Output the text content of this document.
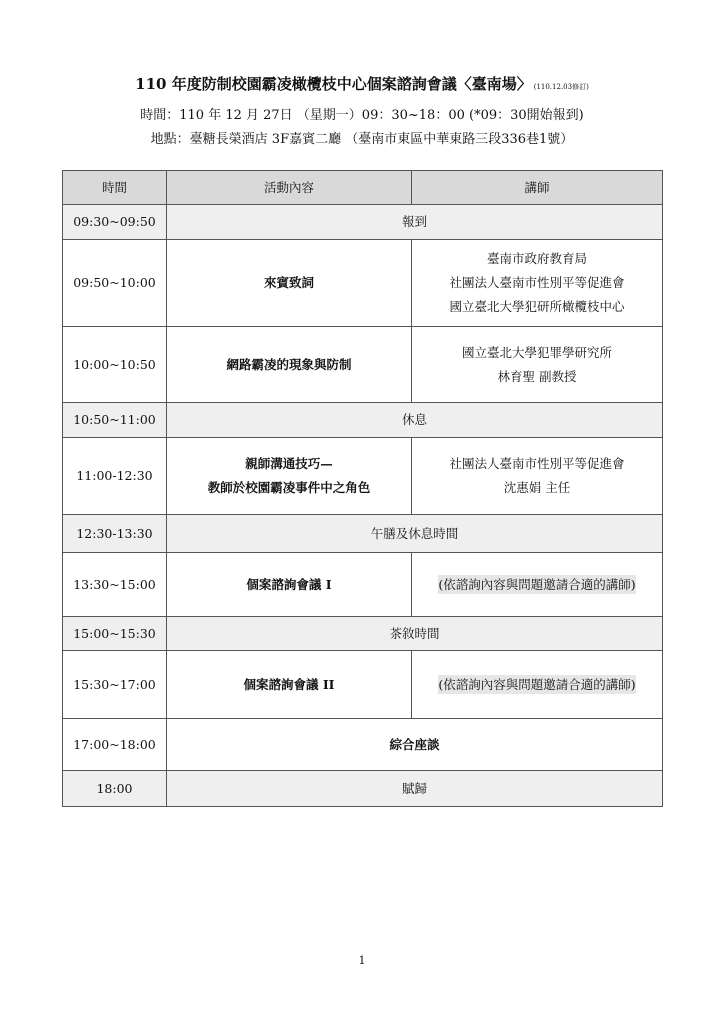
110 年度防制校園霸凌橄欖枝中心個案諮詢會議〈臺南場〉 (110.12.03修訂)
時間：110 年 12 月 27日 （星期一）09：30~18：00 (*09：30開始報到)
地點：臺糖長榮酒店 3F嘉賓二廳 （臺南市東區中華東路三段336巷1號）
時間	活動內容	講師
09:30~09:50	報到	
09:50~10:00	來賓致詞	臺南市政府教育局
社團法人臺南市性別平等促進會
國立臺北大學犯研所橄欖枝中心

10:00~10:50	網路霸凌的現象與防制	國立臺北大學犯罪學研究所
林育聖 副教授

10:50~11:00	休息	
11:00-12:30	親師溝通技巧—
教師於校園霸凌事件中之角色	社團法人臺南市性別平等促進會
沈惠娟 主任

12:30-13:30	午膳及休息時間	
13:30~15:00	個案諮詢會議 I	(依諮詢內容與問題邀請合適的講師)
15:00~15:30	茶敘時間	
15:30~17:00	個案諮詢會議 II	(依諮詢內容與問題邀請合適的講師)
17:00~18:00	綜合座談	
18:00	賦歸	
1
